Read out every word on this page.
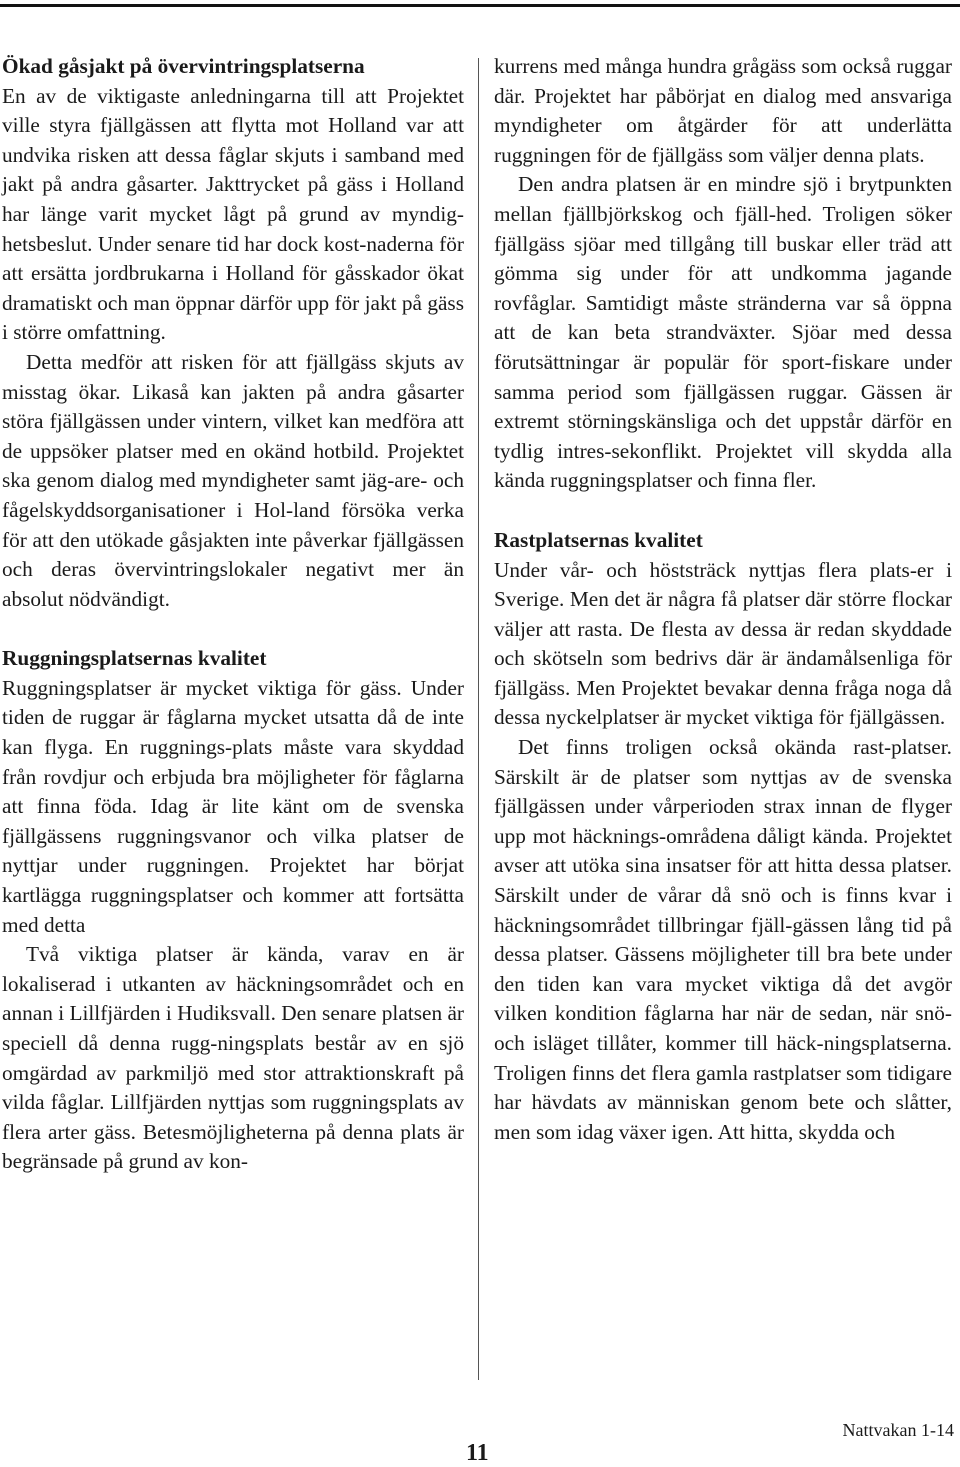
Ökad gåsjakt på övervintringsplatserna

En av de viktigaste anledningarna till att Projektet ville styra fjällgässen att flytta mot Holland var att undvika risken att dessa fåglar skjuts i samband med jakt på andra gåsarter. Jakttrycket på gäss i Holland har länge varit mycket lågt på grund av myndig-hetsbeslut. Under senare tid har dock kost-naderna för att ersätta jordbrukarna i Holland för gåsskador ökat dramatiskt och man öppnar därför upp för jakt på gäss i större omfattning.

Detta medför att risken för att fjällgäss skjuts av misstag ökar. Likaså kan jakten på andra gåsarter störa fjällgässen under vintern, vilket kan medföra att de uppsöker platser med en okänd hotbild. Projektet ska genom dialog med myndigheter samt jäg-are- och fågelskyddsorganisationer i Hol-land försöka verka för att den utökade gåsjakten inte påverkar fjällgässen och deras övervintringslokaler negativt mer än absolut nödvändigt.

Ruggningsplatsernas kvalitet

Ruggningsplatser är mycket viktiga för gäss. Under tiden de ruggar är fåglarna mycket utsatta då de inte kan flyga. En ruggnings-plats måste vara skyddad från rovdjur och erbjuda bra möjligheter för fåglarna att finna föda. Idag är lite känt om de svenska fjällgässens ruggningsvanor och vilka platser de nyttjar under ruggningen. Projektet har börjat kartlägga ruggningsplatser och kommer att fortsätta med detta

Två viktiga platser är kända, varav en är lokaliserad i utkanten av häckningsområdet och en annan i Lillfjärden i Hudiksvall. Den senare platsen är speciell då denna rugg-ningsplats består av en sjö omgärdad av parkmiljö med stor attraktionskraft på vilda fåglar. Lillfjärden nyttjas som ruggningsplats av flera arter gäss. Betesmöjligheterna på denna plats är begränsade på grund av kon-

kurrens med många hundra grågäss som också ruggar där. Projektet har påbörjat en dialog med ansvariga myndigheter om åtgärder för att underlätta ruggningen för de fjällgäss som väljer denna plats.

Den andra platsen är en mindre sjö i brytpunkten mellan fjällbjörkskog och fjäll-hed. Troligen söker fjällgäss sjöar med tillgång till buskar eller träd att gömma sig under för att undkomma jagande rovfåglar. Samtidigt måste stränderna var så öppna att de kan beta strandväxter. Sjöar med dessa förutsättningar är populär för sport-fiskare under samma period som fjällgässen ruggar. Gässen är extremt störningskänsliga och det uppstår därför en tydlig intres-sekonflikt. Projektet vill skydda alla kända ruggningsplatser och finna fler.

Rastplatsernas kvalitet

Under vår- och höststräck nyttjas flera plats-er i Sverige. Men det är några få platser där större flockar väljer att rasta. De flesta av dessa är redan skyddade och skötseln som bedrivs där är ändamålsenliga för fjällgäss. Men Projektet bevakar denna fråga noga då dessa nyckelplatser är mycket viktiga för fjällgässen.

Det finns troligen också okända rast-platser. Särskilt är de platser som nyttjas av de svenska fjällgässen under vårperioden strax innan de flyger upp mot häcknings-områdena dåligt kända. Projektet avser att utöka sina insatser för att hitta dessa platser. Särskilt under de vårar då snö och is finns kvar i häckningsområdet tillbringar fjäll-gässen lång tid på dessa platser. Gässens möjligheter till bra bete under den tiden kan vara mycket viktiga då det avgör vilken kondition fåglarna har när de sedan, när snö- och isläget tillåter, kommer till häck-ningsplatserna. Troligen finns det flera gamla rastplatser som tidigare har hävdats av människan genom bete och slåtter, men som idag växer igen. Att hitta, skydda och

11
Nattvakan 1-14
